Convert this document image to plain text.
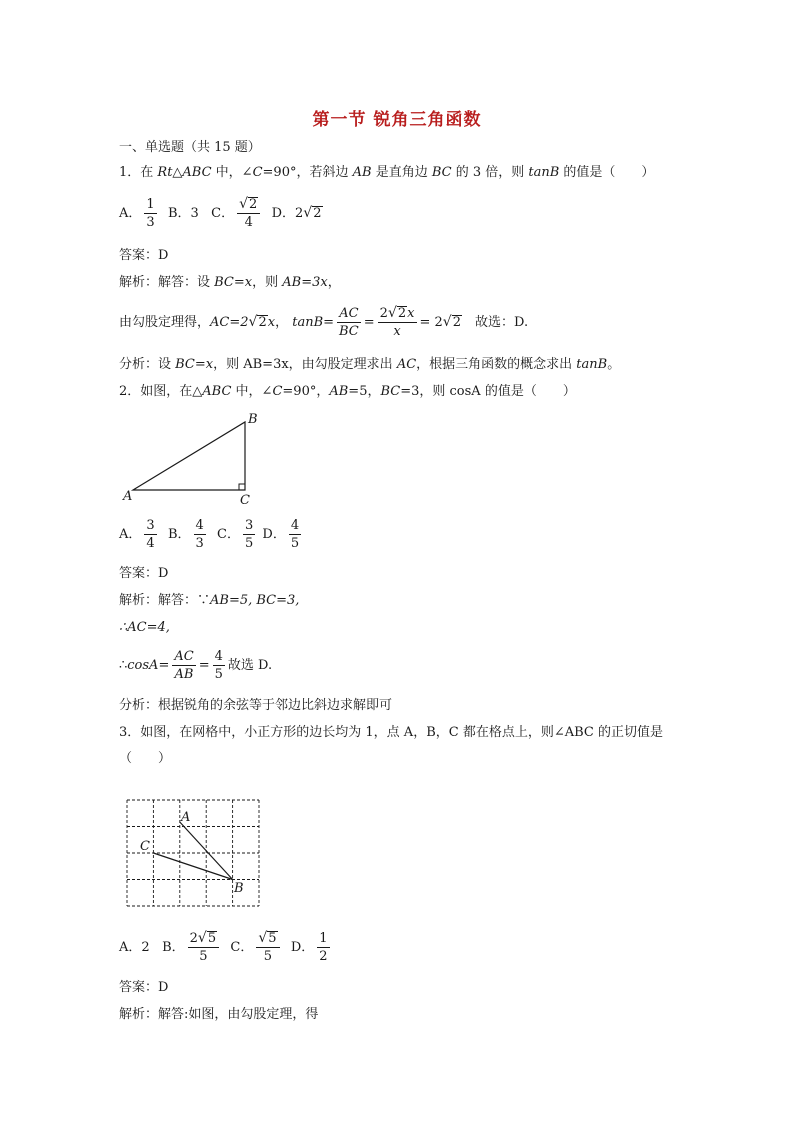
第一节 锐角三角函数
一、单选题（共 15 题）
1．在 Rt△ABC 中，∠C=90°，若斜边 AB 是直角边 BC 的 3 倍，则 tanB 的值是（　　）
A． $\frac{1}{3}$ B．3 C． $\frac{√2}{4}$ D．2√2
答案：D
解析：解答：设 BC=x，则 AB=3x，
由勾股定理得，AC=2√2x， $\tan B= \frac{AC}{BC} = \frac{2√2x}{x} = 2√2$　故选：D.
分析：设 BC=x，则 AB=3x，由勾股定理求出 AC，根据三角函数的概念求出 tanB。
2．如图，在△ABC 中，∠C=90°，AB=5，BC=3，则 cosA 的值是（　　）
B
A	C
A． $\frac{3}{4}$ B． $\frac{4}{3}$ C． $\frac{3}{5}$ D． $\frac{4}{5}$
答案：D
解析：解答：∵AB=5, BC=3,
∴AC=4,
∴cosA= $\frac{AC}{AB} = \frac{4}{5}$ 故选 D.
分析：根据锐角的余弦等于邻边比斜边求解即可
3．如图，在网格中，小正方形的边长均为 1，点 A，B，C 都在格点上，则∠ABC 的正切值是
（　　）
A
C
B
A．2 B． $\frac{2√5}{5}$ C． $\frac{√5}{5}$ D． $\frac{1}{2}$
答案：D
解析：解答:如图，由勾股定理，得
